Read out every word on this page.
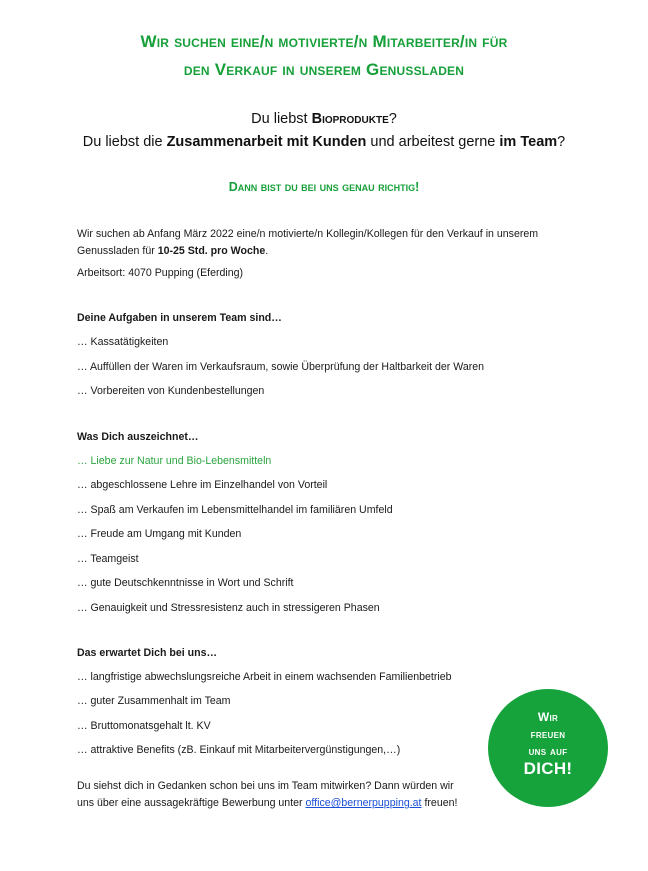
Wir suchen eine/n motivierte/n Mitarbeiter/in für
den Verkauf in unserem Genussladen
Du liebst Bioprodukte?
Du liebst die Zusammenarbeit mit Kunden und arbeitest gerne im Team?
Dann bist du bei uns genau richtig!
Wir suchen ab Anfang März 2022 eine/n motivierte/n Kollegin/Kollegen für den Verkauf in unserem
Genussladen für 10-25 Std. pro Woche.
Arbeitsort: 4070 Pupping (Eferding)
Deine Aufgaben in unserem Team sind…
… Kassatätigkeiten
… Auffüllen der Waren im Verkaufsraum, sowie Überprüfung der Haltbarkeit der Waren
… Vorbereiten von Kundenbestellungen
Was Dich auszeichnet…
… Liebe zur Natur und Bio-Lebensmitteln
… abgeschlossene Lehre im Einzelhandel von Vorteil
… Spaß am Verkaufen im Lebensmittelhandel im familiären Umfeld
… Freude am Umgang mit Kunden
… Teamgeist
… gute Deutschkenntnisse in Wort und Schrift
… Genauigkeit und Stressresistenz auch in stressigeren Phasen
Das erwartet Dich bei uns…
… langfristige abwechslungsreiche Arbeit in einem wachsenden Familienbetrieb
… guter Zusammenhalt im Team
… Bruttomonatsgehalt lt. KV
… attraktive Benefits (zB. Einkauf mit Mitarbeitervergünstigungen,…)
Du siehst dich in Gedanken schon bei uns im Team mitwirken? Dann würden wir
uns über eine aussagekräftige Bewerbung unter office@bernerpupping.at freuen!
Wir
freuen
uns auf
DICH!
